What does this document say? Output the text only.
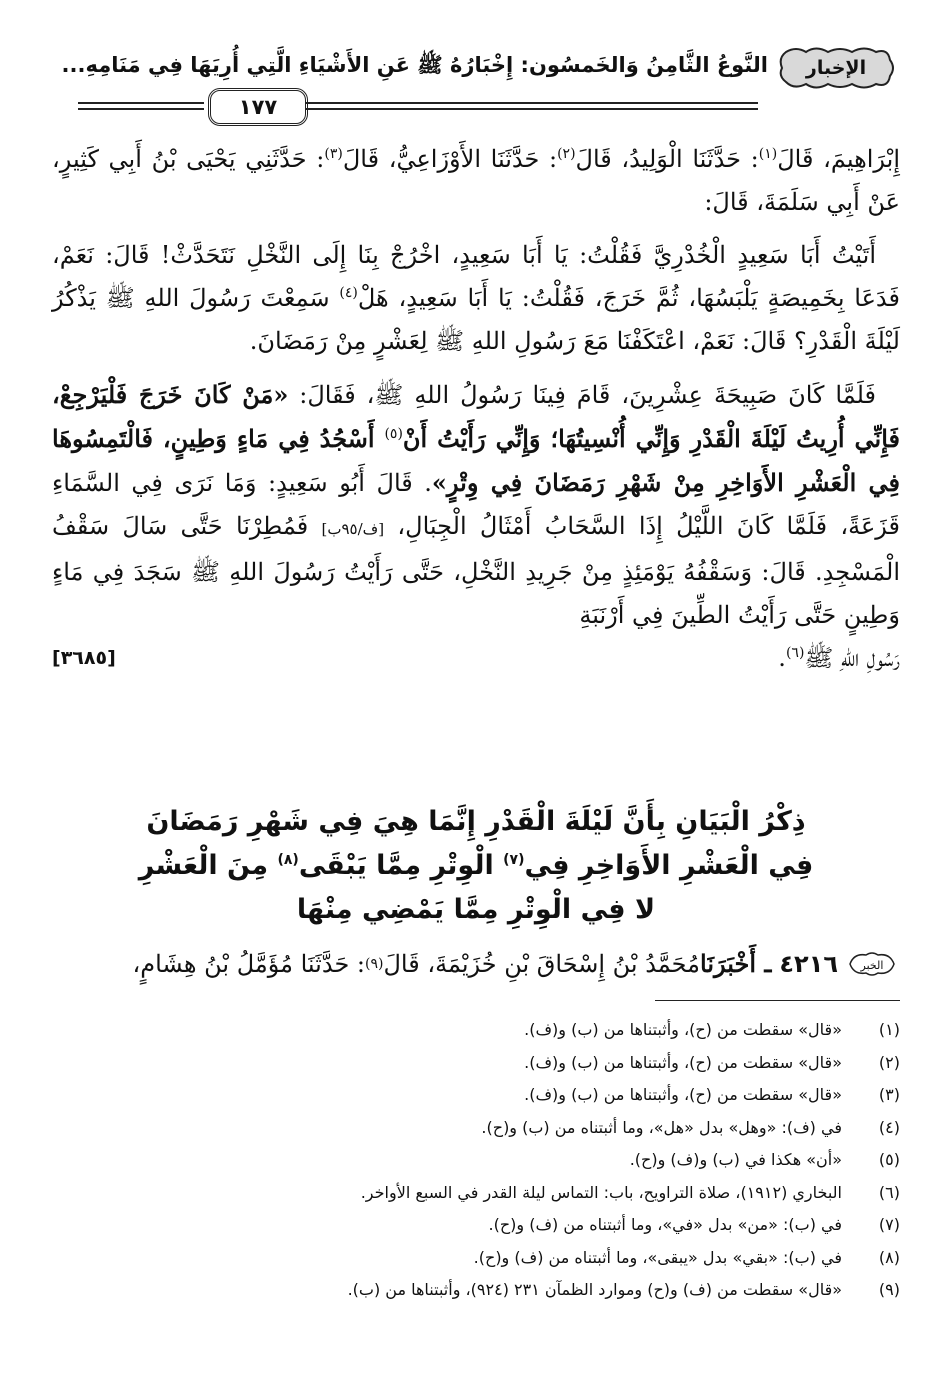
الإخبار
النَّوعُ الثَّامِنُ وَالخَمسُون: إِخْبَارُهُ ﷺ عَنِ الأَشْيَاءِ الَّتِي أُرِيَهَا فِي مَنَامِهِ...
١٧٧

إِبْرَاهِيمَ، قَالَ$^{(١)}$: حَدَّثَنَا الْوَلِيدُ، قَالَ$^{(٢)}$: حَدَّثَنَا الأَوْزَاعِيُّ، قَالَ$^{(٣)}$: حَدَّثَنِي يَحْيَى بْنُ أَبِي كَثِيرٍ، عَنْ أَبِي سَلَمَةَ، قَالَ:

أَتَيْتُ أَبَا سَعِيدٍ الْخُدْرِيَّ فَقُلْتُ: يَا أَبَا سَعِيدٍ، اخْرُجْ بِنَا إِلَى النَّخْلِ نَتَحَدَّثْ! قَالَ: نَعَمْ، فَدَعَا بِخَمِيصَةٍ يَلْبَسُهَا، ثُمَّ خَرَجَ، فَقُلْتُ: يَا أَبَا سَعِيدٍ، هَلْ$^{(٤)}$ سَمِعْتَ رَسُولَ اللهِ ﷺ يَذْكُرُ لَيْلَةَ الْقَدْرِ؟ قَالَ: نَعَمْ، اعْتَكَفْنَا مَعَ رَسُولِ اللهِ ﷺ لِعَشْرٍ مِنْ رَمَضَانَ.

فَلَمَّا كَانَ صَبِيحَةَ عِشْرِينَ، قَامَ فِينَا رَسُولُ اللهِ ﷺ، فَقَالَ: «مَنْ كَانَ خَرَجَ فَلْيَرْجِعْ، فَإِنِّي أُرِيتُ لَيْلَةَ الْقَدْرِ وَإِنِّي أُنْسِيتُهَا؛ وَإِنِّي رَأَيْتُ أَنْ$^{(٥)}$ أَسْجُدُ فِي مَاءٍ وَطِينٍ، فَالْتَمِسُوهَا فِي الْعَشْرِ الأَوَاخِرِ مِنْ شَهْرِ رَمَضَانَ فِي وِتْرٍ». قَالَ أَبُو سَعِيدٍ: وَمَا نَرَى فِي السَّمَاءِ قَزَعَةً، فَلَمَّا كَانَ اللَّيْلُ إِذَا السَّحَابُ أَمْثَالُ الْجِبَالِ، [ف/٩٥ب] فَمُطِرْنَا حَتَّى سَالَ سَقْفُ الْمَسْجِدِ. قَالَ: وَسَقْفُهُ يَوْمَئِذٍ مِنْ جَرِيدِ النَّخْلِ، حَتَّى رَأَيْتُ رَسُولَ اللهِ ﷺ سَجَدَ فِي مَاءٍ وَطِينٍ حَتَّى رَأَيْتُ الطِّينَ فِي أَرْنَبَةِ

رَسُولِ اللهِ ﷺ$^{(٦)}$.
[٣٦٨٥]

ذِكْرُ الْبَيَانِ بِأَنَّ لَيْلَةَ الْقَدْرِ إِنَّمَا هِيَ فِي شَهْرِ رَمَضَانَ

فِي الْعَشْرِ الأَوَاخِرِ فِي$^{(٧)}$ الْوِتْرِ مِمَّا يَبْقَى$^{(٨)}$ مِنَ الْعَشْرِ

لا فِي الْوِتْرِ مِمَّا يَمْضِي مِنْهَا

الخبر
٤٢١٦
ـ أَخْبَرَنَا
مُحَمَّدُ بْنُ إِسْحَاقَ بْنِ خُزَيْمَةَ، قَالَ
(٩)
: حَدَّثَنَا مُؤَمَّلُ بْنُ هِشَامٍ،
(١)
«قال» سقطت من (ح)، وأثبتناها من (ب) و(ف).
(٢)
«قال» سقطت من (ح)، وأثبتناها من (ب) و(ف).
(٣)
«قال» سقطت من (ح)، وأثبتناها من (ب) و(ف).
(٤)
في (ف): «وهل» بدل «هل»، وما أثبتناه من (ب) و(ح).
(٥)
«أن» هكذا في (ب) و(ف) و(ح).
(٦)
البخاري (١٩١٢)، صلاة التراويح، باب: التماس ليلة القدر في السبع الأواخر.
(٧)
في (ب): «من» بدل «في»، وما أثبتناه من (ف) و(ح).
(٨)
في (ب): «بقي» بدل «يبقى»، وما أثبتناه من (ف) و(ح).
(٩)
«قال» سقطت من (ف) و(ح) وموارد الظمآن ٢٣١ (٩٢٤)، وأثبتناها من (ب).
